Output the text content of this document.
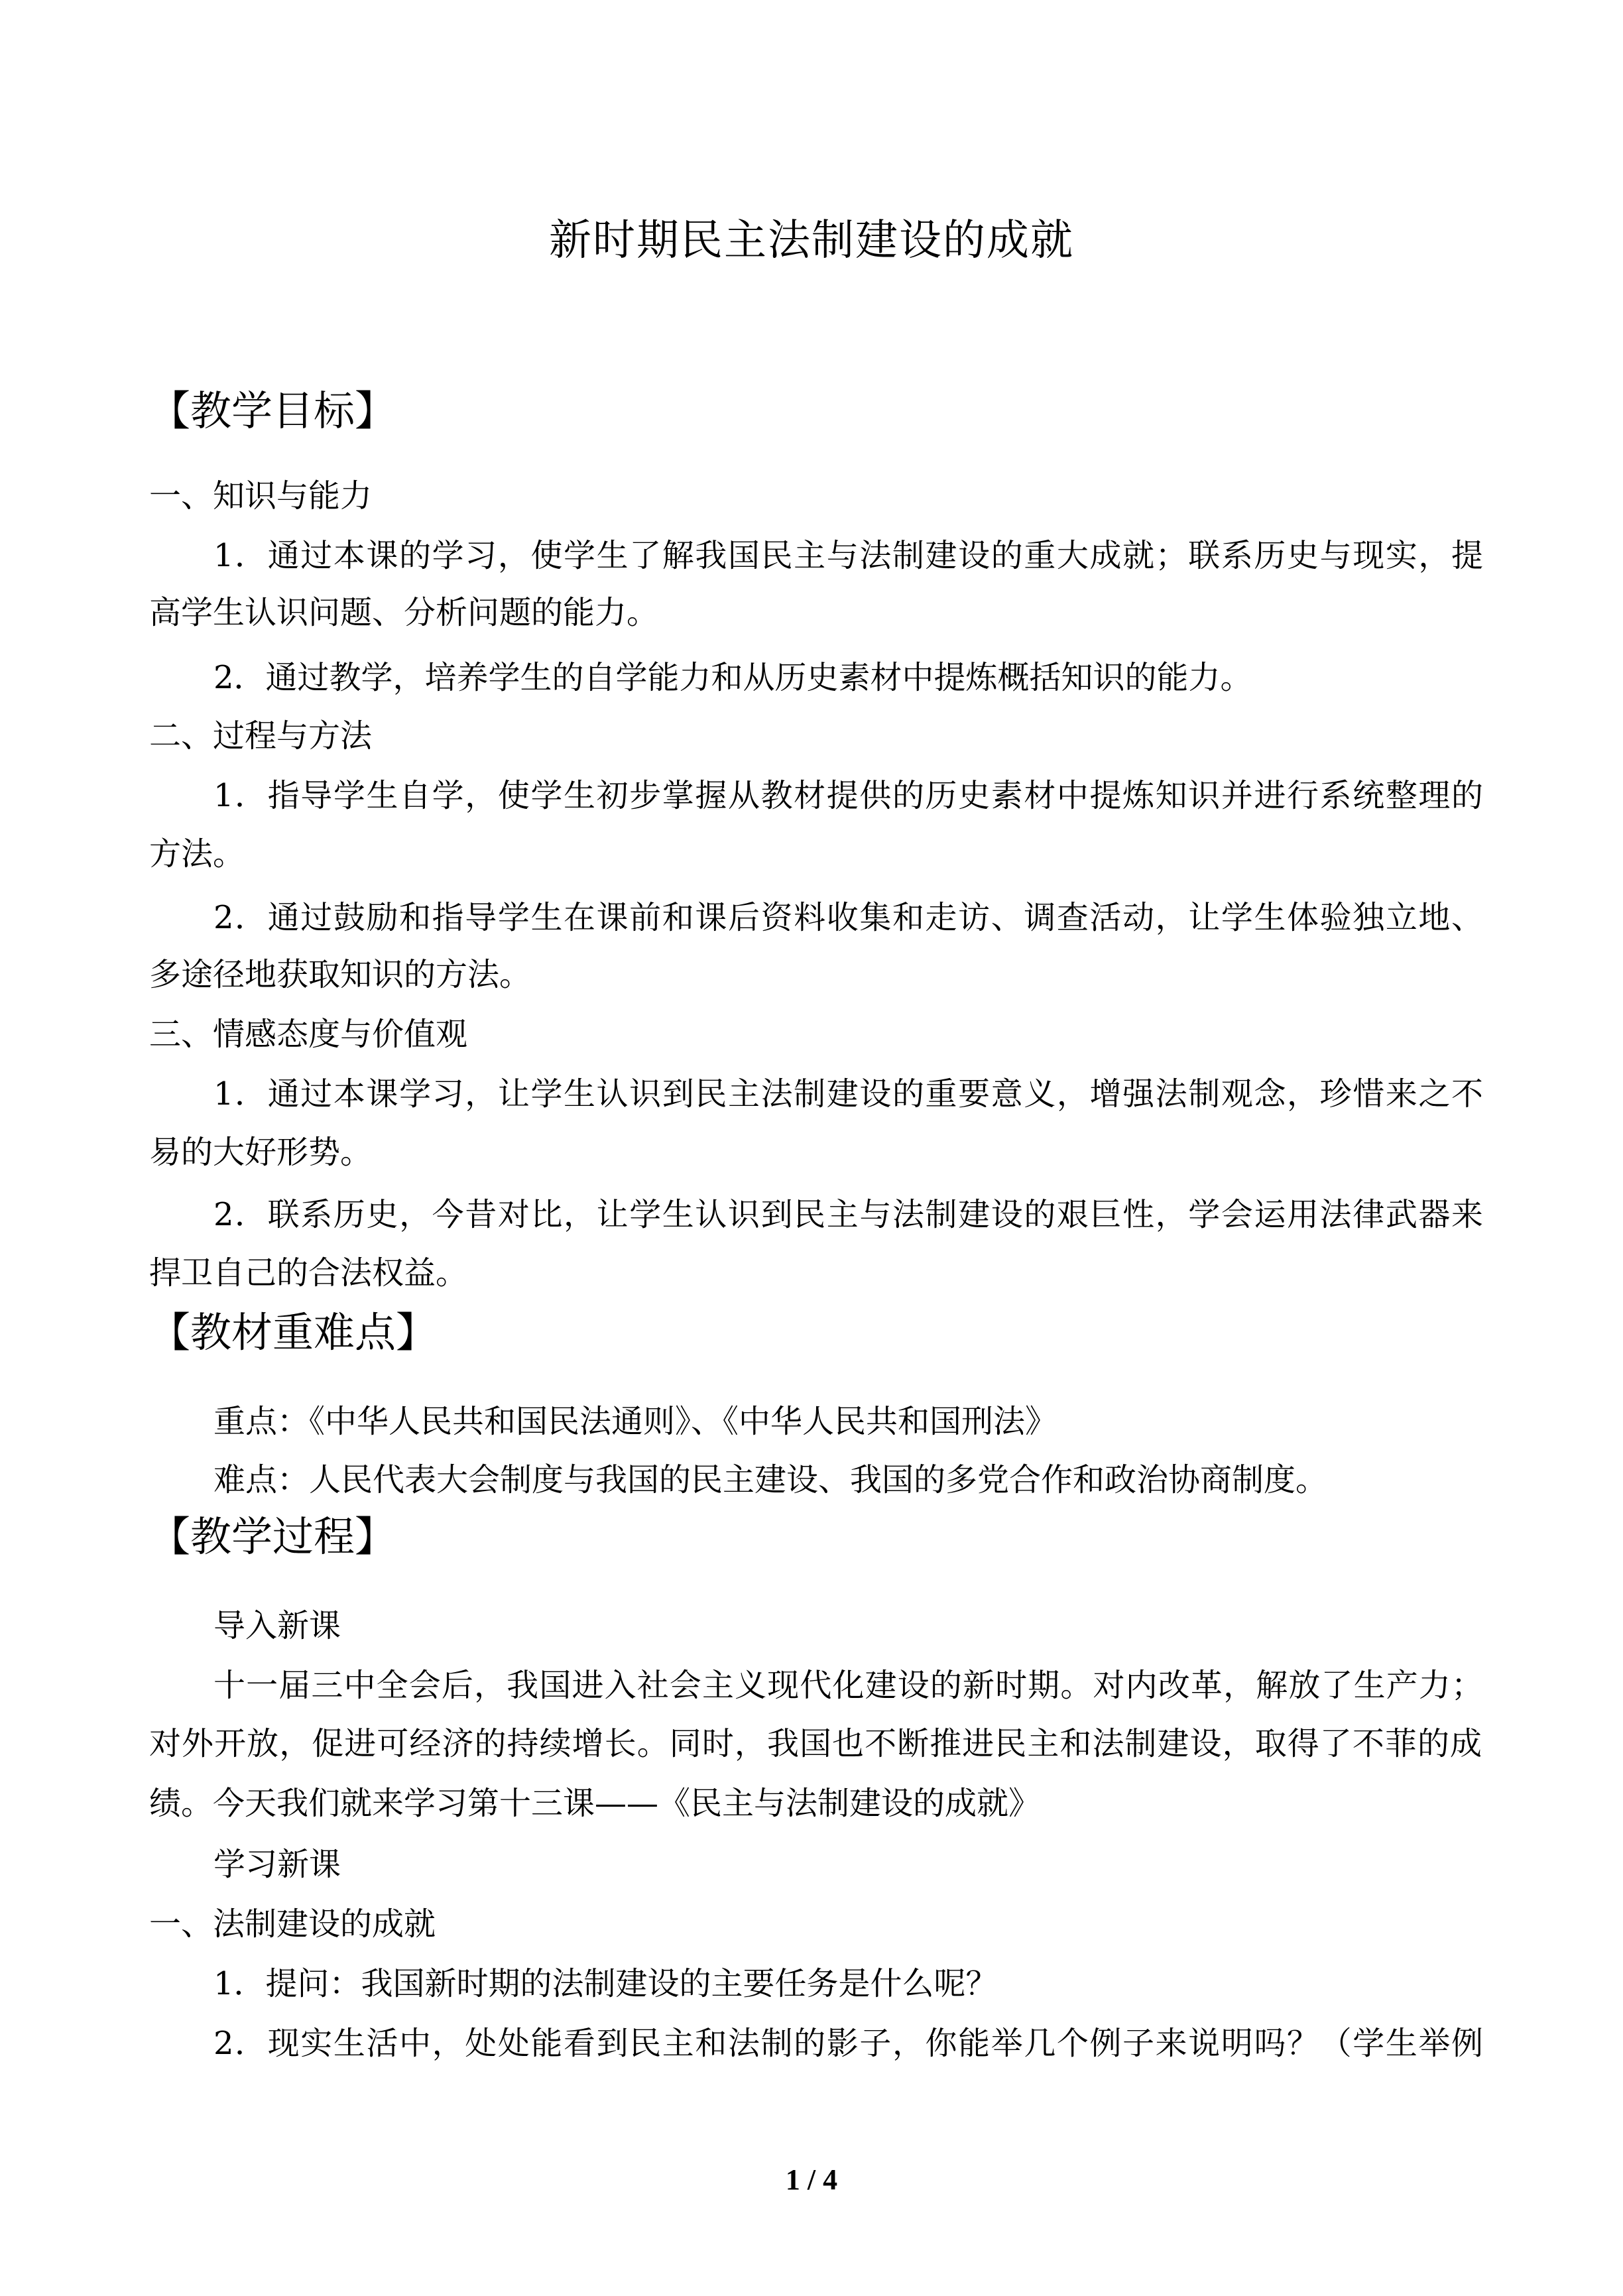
新时期民主法制建设的成就
【教学目标】
一、知识与能力
1．通过本课的学习，使学生了解我国民主与法制建设的重大成就；联系历史与现实，提
高学生认识问题、分析问题的能力。
2．通过教学，培养学生的自学能力和从历史素材中提炼概括知识的能力。
二、过程与方法
1．指导学生自学，使学生初步掌握从教材提供的历史素材中提炼知识并进行系统整理的
方法。
2．通过鼓励和指导学生在课前和课后资料收集和走访、调查活动，让学生体验独立地、
多途径地获取知识的方法。
三、情感态度与价值观
1．通过本课学习，让学生认识到民主法制建设的重要意义，增强法制观念，珍惜来之不
易的大好形势。
2．联系历史，今昔对比，让学生认识到民主与法制建设的艰巨性，学会运用法律武器来
捍卫自己的合法权益。
【教材重难点】
重点：《中华人民共和国民法通则》、《中华人民共和国刑法》
难点：人民代表大会制度与我国的民主建设、我国的多党合作和政治协商制度。
【教学过程】
导入新课
十一届三中全会后，我国进入社会主义现代化建设的新时期。对内改革，解放了生产力；
对外开放，促进可经济的持续增长。同时，我国也不断推进民主和法制建设，取得了不菲的成
绩。今天我们就来学习第十三课——《民主与法制建设的成就》
学习新课
一、法制建设的成就
1．提问：我国新时期的法制建设的主要任务是什么呢？
2．现实生活中，处处能看到民主和法制的影子，你能举几个例子来说明吗？（学生举例
1 / 4
